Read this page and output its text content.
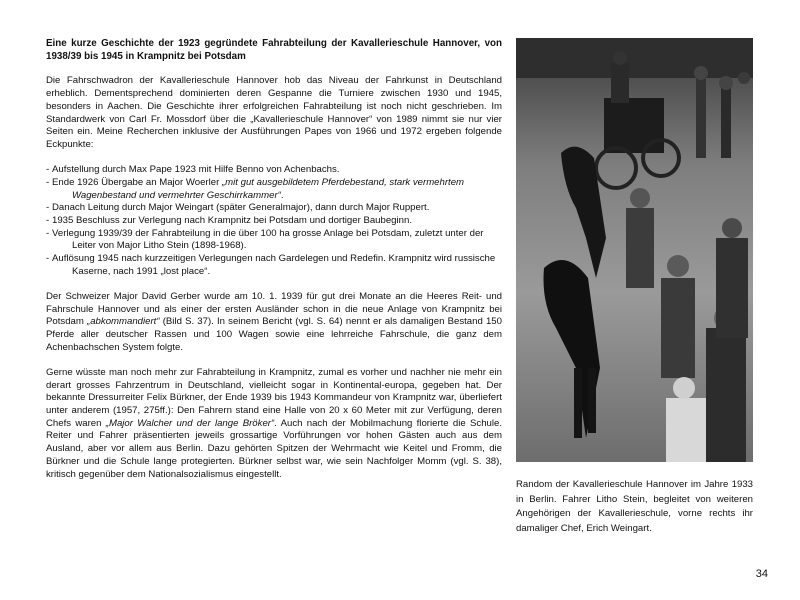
Eine kurze Geschichte der 1923 gegründete Fahrabteilung der Kavallerieschule Hannover, von 1938/39 bis 1945 in Krampnitz bei Potsdam

Die Fahrschwadron der Kavallerieschule Hannover hob das Niveau der Fahrkunst in Deutschland erheblich. Dementsprechend dominierten deren Gespanne die Turniere zwischen 1930 und 1945, besonders in Aachen. Die Geschichte ihrer erfolgreichen Fahrabteilung ist noch nicht geschrieben. Im Standardwerk von Carl Fr. Mossdorf über die „Kavallerieschule Hannover“ von 1989 nimmt sie nur vier Seiten ein. Meine Recherchen inklusive der Ausführungen Papes von 1966 und 1972 ergeben folgende Eckpunkte:

-Aufstellung durch Max Pape 1923 mit Hilfe Benno von Achenbachs.
-Ende 1926 Übergabe an Major Woerler „mit gut ausgebildetem Pferdebestand, stark vermehrtem Wagenbestand und vermehrter Geschirrkammer“.
-Danach Leitung durch Major Weingart (später Generalmajor), dann durch Major Ruppert.
-1935 Beschluss zur Verlegung nach Krampnitz bei Potsdam und dortiger Baubeginn.
-Verlegung 1939/39 der Fahrabteilung in die über 100 ha grosse Anlage bei Potsdam, zuletzt unter der Leiter von Major Litho Stein (1898-1968).
-Auflösung 1945 nach kurzzeitigen Verlegungen nach Gardelegen und Redefin. Krampnitz wird russische Kaserne, nach 1991 „lost place“.

Der Schweizer Major David Gerber wurde am 10. 1. 1939 für gut drei Monate an die Heeres Reit- und Fahrschule Hannover und als einer der ersten Ausländer schon in die neue Anlage von Krampnitz bei Potsdam „abkommandiert“ (Bild S. 37). In seinem Bericht (vgl. S. 64) nennt er als damaligen Bestand 150 Pferde aller deutscher Rassen und 100 Wagen sowie eine lehrreiche Fahrschule, die ganz dem Achenbachschen System folgte.

Gerne wüsste man noch mehr zur Fahrabteilung in Krampnitz, zumal es vorher und nachher nie mehr ein derart grosses Fahrzentrum in Deutschland, vielleicht sogar in Kontinental-europa, gegeben hat. Der bekannte Dressurreiter Felix Bürkner, der Ende 1939 bis 1943 Kommandeur von Krampnitz war, überliefert unter anderem (1957, 275ff.): Den Fahrern stand eine Halle von 20 x 60 Meter mit zur Verfügung, deren Chefs waren „Major Walcher und der lange Bröker“. Auch nach der Mobilmachung florierte die Schule. Reiter und Fahrer präsentierten jeweils grossartige Vorführungen vor hohen Gästen auch aus dem Ausland, aber vor allem aus Berlin. Dazu gehörten Spitzen der Wehrmacht wie Keitel und Fromm, die Bürkner und die Schule lange protegierten. Bürkner selbst war, wie sein Nachfolger Momm (vgl. S. 38), kritisch gegenüber dem Nationalsozialismus eingestellt.

Random der Kavallerieschule Hannover im Jahre 1933 in Berlin. Fahrer Litho Stein, begleitet von weiteren Angehörigen der Kavallerieschule, vorne rechts ihr damaliger Chef, Erich Weingart.
34
